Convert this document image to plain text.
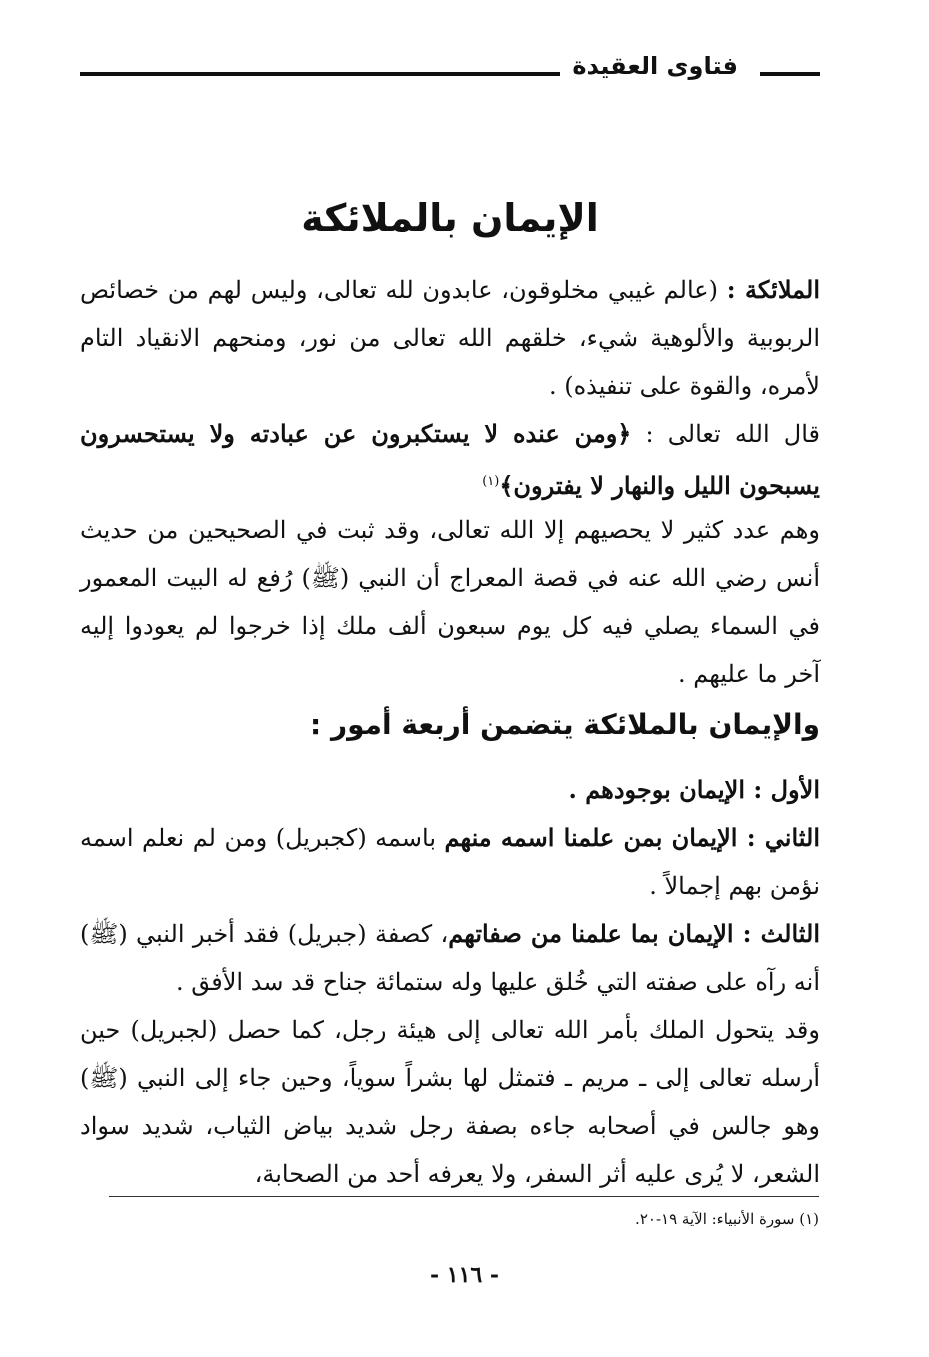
فتاوى العقيدة
الإيمان بالملائكة
الملائكة : (عالم غيبي مخلوقون، عابدون لله تعالى، وليس لهم من خصائص الربوبية والألوهية شيء، خلقهم الله تعالى من نور، ومنحهم الانقياد التام لأمره، والقوة على تنفيذه) .
قال الله تعالى : ﴿ومن عنده لا يستكبرون عن عبادته ولا يستحسرون يسبحون الليل والنهار لا يفترون﴾$^{(١)}$
وهم عدد كثير لا يحصيهم إلا الله تعالى، وقد ثبت في الصحيحين من حديث أنس رضي الله عنه في قصة المعراج أن النبي (ﷺ) رُفع له البيت المعمور في السماء يصلي فيه كل يوم سبعون ألف ملك إذا خرجوا لم يعودوا إليه آخر ما عليهم .
والإيمان بالملائكة يتضمن أربعة أمور :
الأول : الإيمان بوجودهم .
الثاني : الإيمان بمن علمنا اسمه منهم باسمه (كجبريل) ومن لم نعلم اسمه نؤمن بهم إجمالاً .
الثالث : الإيمان بما علمنا من صفاتهم، كصفة (جبريل) فقد أخبر النبي (ﷺ) أنه رآه على صفته التي خُلق عليها وله ستمائة جناح قد سد الأفق .
وقد يتحول الملك بأمر الله تعالى إلى هيئة رجل، كما حصل (لجبريل) حين أرسله تعالى إلى ـ مريم ـ فتمثل لها بشراً سوياً، وحين جاء إلى النبي (ﷺ) وهو جالس في أصحابه جاءه بصفة رجل شديد بياض الثياب، شديد سواد الشعر، لا يُرى عليه أثر السفر، ولا يعرفه أحد من الصحابة،
(١) سورة الأنبياء: الآية ١٩-٢٠.
- ١١٦ -
